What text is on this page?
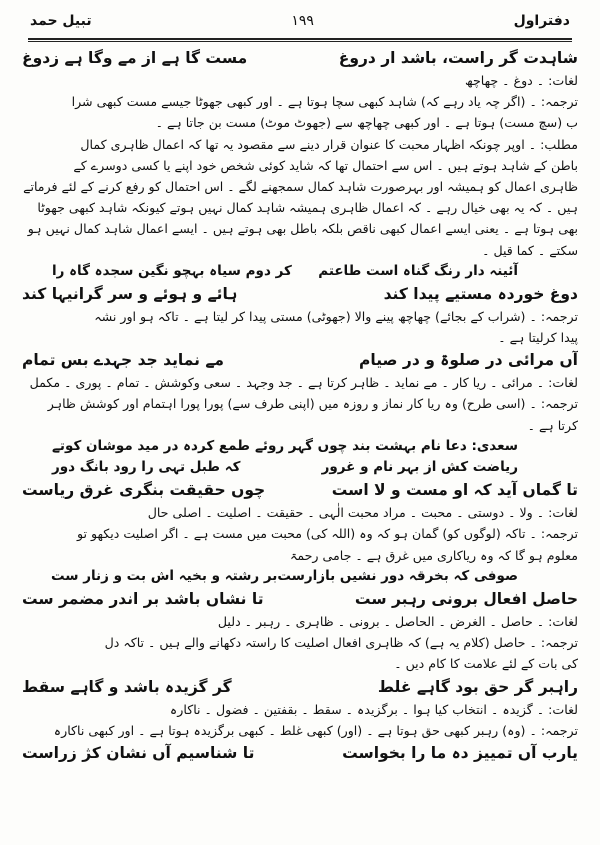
دفتراول
۱۹۹
تبیل حمد
شاہدت گر راست، باشد ار دروغ
مست گا ہے از مے وگا ہے زدوغ
لغات: ۔ دوغ ۔ چھاچھ
ترجمہ: ۔ (اگر چہ یاد رہے کہ) شاہد کبھی سچا ہوتا ہے ۔ اور کبھی جھوٹا جیسے مست کبھی شرا
ب (سچ مست) ہوتا ہے ۔ اور کبھی چھاچھ سے (جھوٹ موٹ) مست بن جاتا ہے ۔
مطلب: ۔ اوپر چونکہ اظہار محبت کا عنوان قرار دینے سے مقصود یہ تھا کہ اعمال ظاہری کمال
باطن کے شاہد ہوتے ہیں ۔ اس سے احتمال تھا کہ شاید کوئی شخص خود اپنے یا کسی دوسرے کے
ظاہری اعمال کو ہمیشہ اور بہرصورت شاہد کمال سمجھنے لگے ۔ اس احتمال کو رفع کرنے کے لئے فرماتے
ہیں ۔ کہ یہ بھی خیال رہے ۔ کہ اعمال ظاہری ہمیشہ شاہد کمال نہیں ہوتے کیونکہ شاہد کبھی جھوٹا
بھی ہوتا ہے ۔ یعنی ایسے اعمال کبھی ناقص بلکہ باطل بھی ہوتے ہیں ۔ ایسے اعمال شاہد کمال نہیں ہو
سکتے ۔ کما قیل ۔
آئینہ دار رنگ گناہ است طاعتم
کر دوم سیاہ بہچو نگین سجدہ گاہ را
دوغ خوردہ مستیے پیدا کند
ہائے و ہوئے و سر گرانیہا کند
ترجمہ: ۔ (شراب کے بجائے) چھاچھ پینے والا (جھوٹی) مستی پیدا کر لیتا ہے ۔ تاکہ ہو اور نشہ
پیدا کرلیتا ہے ۔
آں مرائی در صلوۃ و در صیام
مے نماید جد جہدے بس تمام
لغات: ۔ مرائی ۔ ریا کار ۔ مے نماید ۔ ظاہر کرتا ہے ۔ جد وجہد ۔ سعی وکوشش ۔ تمام ۔ پوری ۔ مکمل
ترجمہ: ۔ (اسی طرح) وہ ریا کار نماز و روزہ میں (اپنی طرف سے) پورا پورا اہتمام اور کوشش ظاہر
کرتا ہے ۔
سعدی: دعا نام بہشت بند چوں گہر روئے
طمع کردہ در مید موشان کوتے
ریاضت کش از بہر نام و غرور
کہ طبل تہی را رود بانگ دور
تا گماں آید کہ او مست و لا است
چوں حقیقت بنگری غرق ریاست
لغات: ۔ ولا ۔ دوستی ۔ محبت ۔ مراد محبت الٰہی ۔ حقیقت ۔ اصلیت ۔ اصلی حال
ترجمہ: ۔ تاکہ (لوگوں کو) گمان ہو کہ وہ (اللہ کی) محبت میں مست ہے ۔ اگر اصلیت دیکھو تو
معلوم ہو گا کہ وہ ریاکاری میں غرق ہے ۔ جامی رحمۃ
صوفی کہ بخرقہ دور نشیں بازارست
بر رشتہ و بخیہ اش بت و زنار ست
حاصل افعال برونی رہبر ست
تا نشاں باشد بر اندر مضمر ست
لغات: ۔ حاصل ۔ الغرض ۔ الحاصل ۔ برونی ۔ ظاہری ۔ رہبر ۔ دلیل
ترجمہ: ۔ حاصل (کلام یہ ہے) کہ ظاہری افعال اصلیت کا راستہ دکھانے والے ہیں ۔ تاکہ دل
کی بات کے لئے علامت کا کام دیں ۔
راہبر گر حق بود گاہے غلط
گر گزیدہ باشد و گاہے سقط
لغات: ۔ گزیدہ ۔ انتخاب کیا ہوا ۔ برگزیدہ ۔ سقط ۔ بقفتین ۔ فضول ۔ ناکارہ
ترجمہ: ۔ (وہ) رہبر کبھی حق ہوتا ہے ۔ (اور) کبھی غلط ۔ کبھی برگزیدہ ہوتا ہے ۔ اور کبھی ناکارہ
یارب آں تمییز دہ ما را بخواست
تا شناسیم آں نشان کژ زراست
